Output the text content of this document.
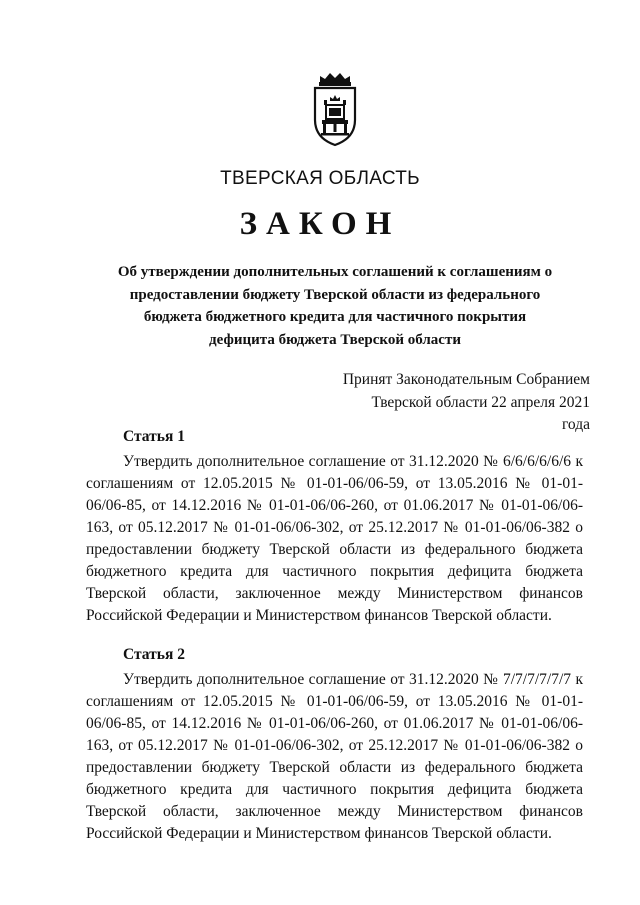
ТВЕРСКАЯ ОБЛАСТЬ
ЗАКОН
Об утверждении дополнительных соглашений к соглашениям о предоставлении бюджету Тверской области из федерального бюджета бюджетного кредита для частичного покрытия дефицита бюджета Тверской области
Принят Законодательным Собранием
Тверской области 22 апреля 2021 года
Статья 1
Утвердить дополнительное соглашение от 31.12.2020 № 6/6/6/6/6/6 к соглашениям от 12.05.2015 № 01-01-06/06-59, от 13.05.2016 № 01-01-06/06-85, от 14.12.2016 № 01-01-06/06-260, от 01.06.2017 № 01-01-06/06-163, от 05.12.2017 № 01-01-06/06-302, от 25.12.2017 № 01-01-06/06-382 о предоставлении бюджету Тверской области из федерального бюджета бюджетного кредита для частичного покрытия дефицита бюджета Тверской области, заключенное между Министерством финансов Российской Федерации и Министерством финансов Тверской области.
Статья 2
Утвердить дополнительное соглашение от 31.12.2020 № 7/7/7/7/7/7 к соглашениям от 12.05.2015 № 01-01-06/06-59, от 13.05.2016 № 01-01-06/06-85, от 14.12.2016 № 01-01-06/06-260, от 01.06.2017 № 01-01-06/06-163, от 05.12.2017 № 01-01-06/06-302, от 25.12.2017 № 01-01-06/06-382 о предоставлении бюджету Тверской области из федерального бюджета бюджетного кредита для частичного покрытия дефицита бюджета Тверской области, заключенное между Министерством финансов Российской Федерации и Министерством финансов Тверской области.
